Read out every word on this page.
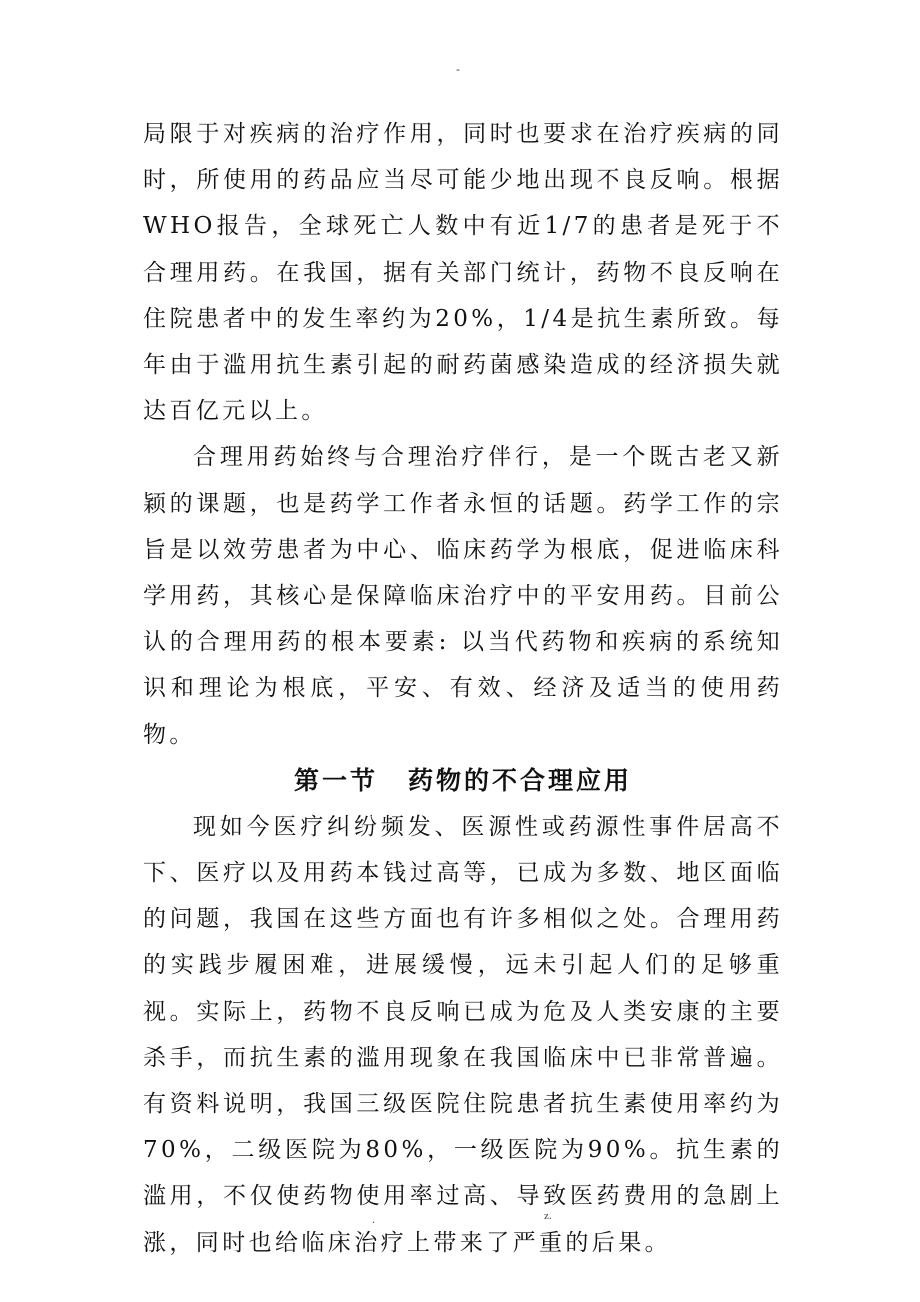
-

局限于对疾病的治疗作用，同时也要求在治疗疾病的同时，所使用的药品应当尽可能少地出现不良反响。根据WHO报告，全球死亡人数中有近1/7的患者是死于不合理用药。在我国，据有关部门统计，药物不良反响在住院患者中的发生率约为20%，1/4是抗生素所致。每年由于滥用抗生素引起的耐药菌感染造成的经济损失就达百亿元以上。

合理用药始终与合理治疗伴行，是一个既古老又新颖的课题，也是药学工作者永恒的话题。药学工作的宗旨是以效劳患者为中心、临床药学为根底，促进临床科学用药，其核心是保障临床治疗中的平安用药。目前公认的合理用药的根本要素: 以当代药物和疾病的系统知识和理论为根底，平安、有效、经济及适当的使用药物。

第一节 药物的不合理应用

现如今医疗纠纷频发、医源性或药源性事件居高不下、医疗以及用药本钱过高等，已成为多数、地区面临的问题，我国在这些方面也有许多相似之处。合理用药的实践步履困难，进展缓慢，远未引起人们的足够重视。实际上，药物不良反响已成为危及人类安康的主要杀手，而抗生素的滥用现象在我国临床中已非常普遍。有资料说明，我国三级医院住院患者抗生素使用率约为70%，二级医院为80%，一级医院为90%。抗生素的滥用，不仅使药物使用率过高、导致医药费用的急剧上涨，同时也给临床治疗上带来了严重的后果。

.	z.
